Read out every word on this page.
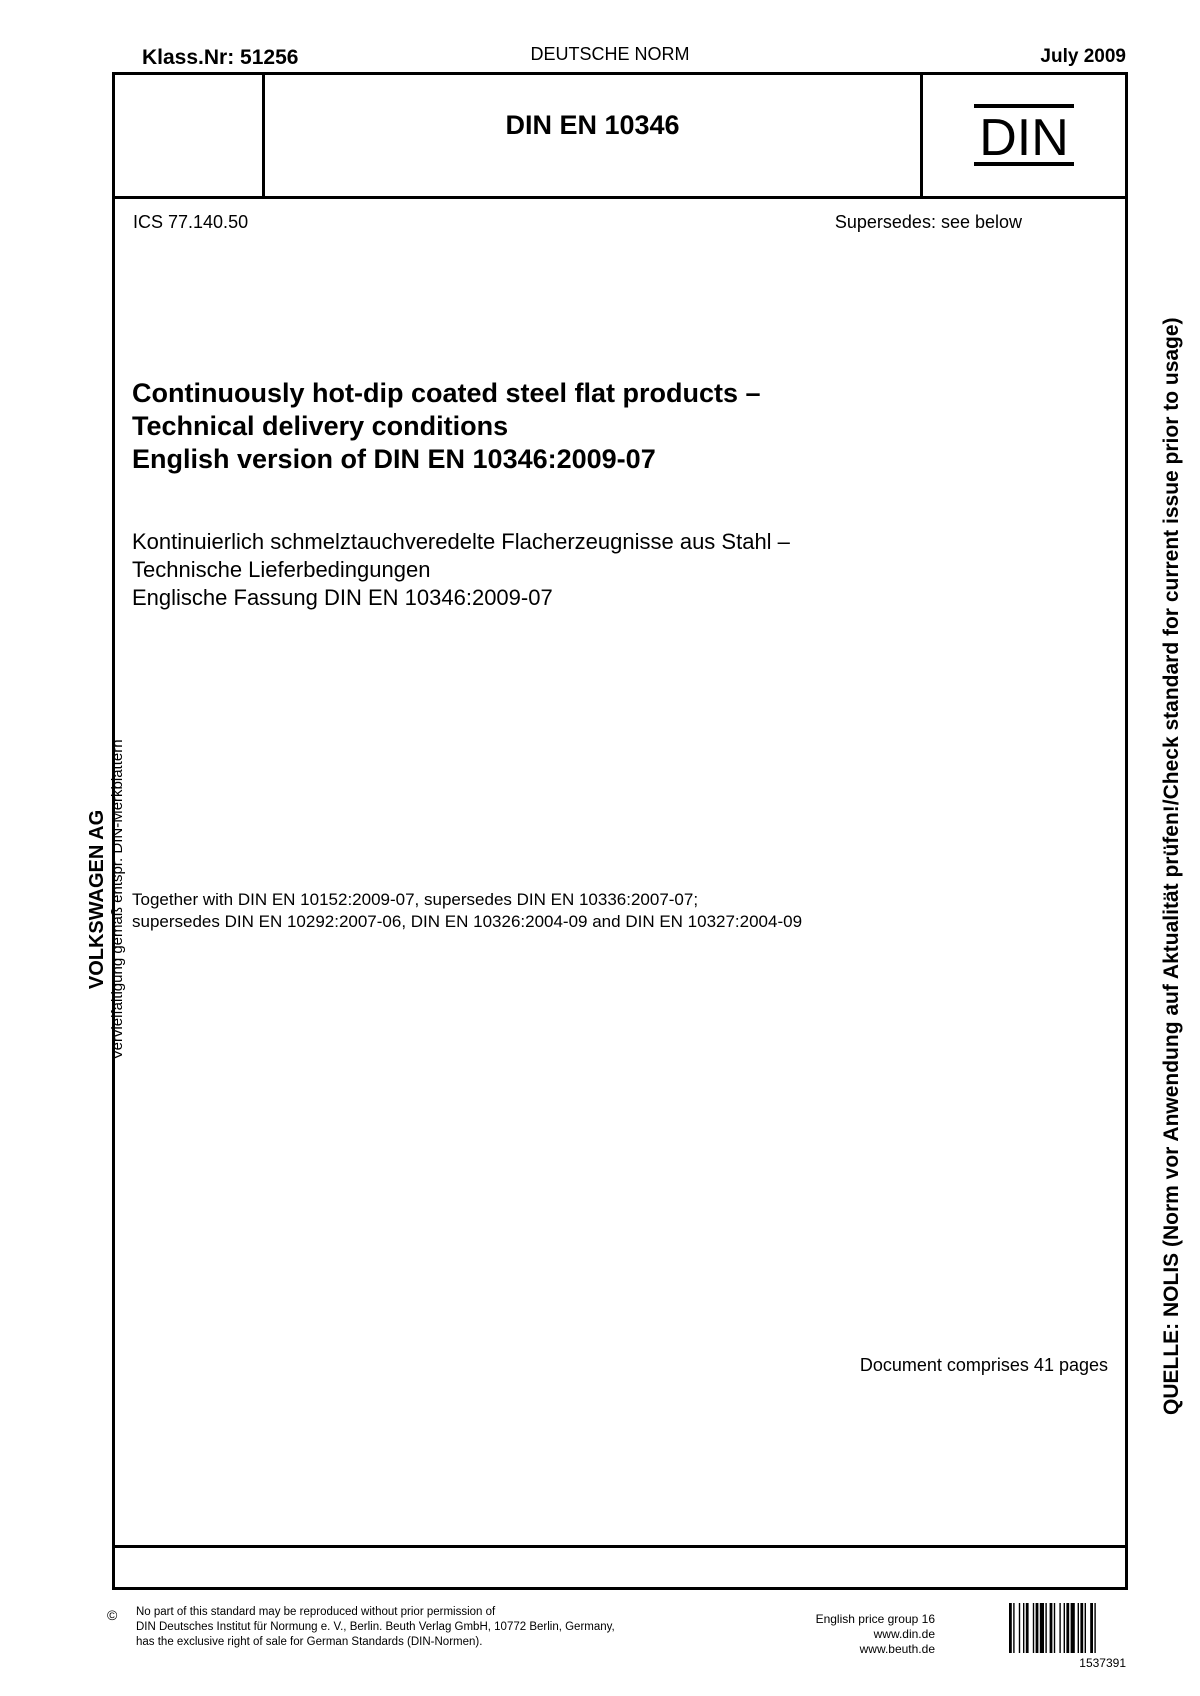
Klass.Nr: 51256	DEUTSCHE NORM	July 2009
DIN EN 10346	DIN
ICS 77.140.50	Supersedes: see below
Continuously hot-dip coated steel flat products –
Technical delivery conditions
English version of DIN EN 10346:2009-07
Kontinuierlich schmelztauchveredelte Flacherzeugnisse aus Stahl –
Technische Lieferbedingungen
Englische Fassung DIN EN 10346:2009-07
Together with DIN EN 10152:2009-07, supersedes DIN EN 10336:2007-07;
supersedes DIN EN 10292:2007-06, DIN EN 10326:2004-09 and DIN EN 10327:2004-09
Document comprises 41 pages
VOLKSWAGEN AG Vervielfältigung gemäß entspr. DIN-Merkblättern	QUELLE: NOLIS (Norm vor Anwendung auf Aktualität prüfen!/Check standard for current issue prior to usage)
© No part of this standard may be reproduced without prior permission of
DIN Deutsches Institut für Normung e. V., Berlin. Beuth Verlag GmbH, 10772 Berlin, Germany,
has the exclusive right of sale for German Standards (DIN-Normen).
English price group 16
www.din.de
www.beuth.de
1537391
